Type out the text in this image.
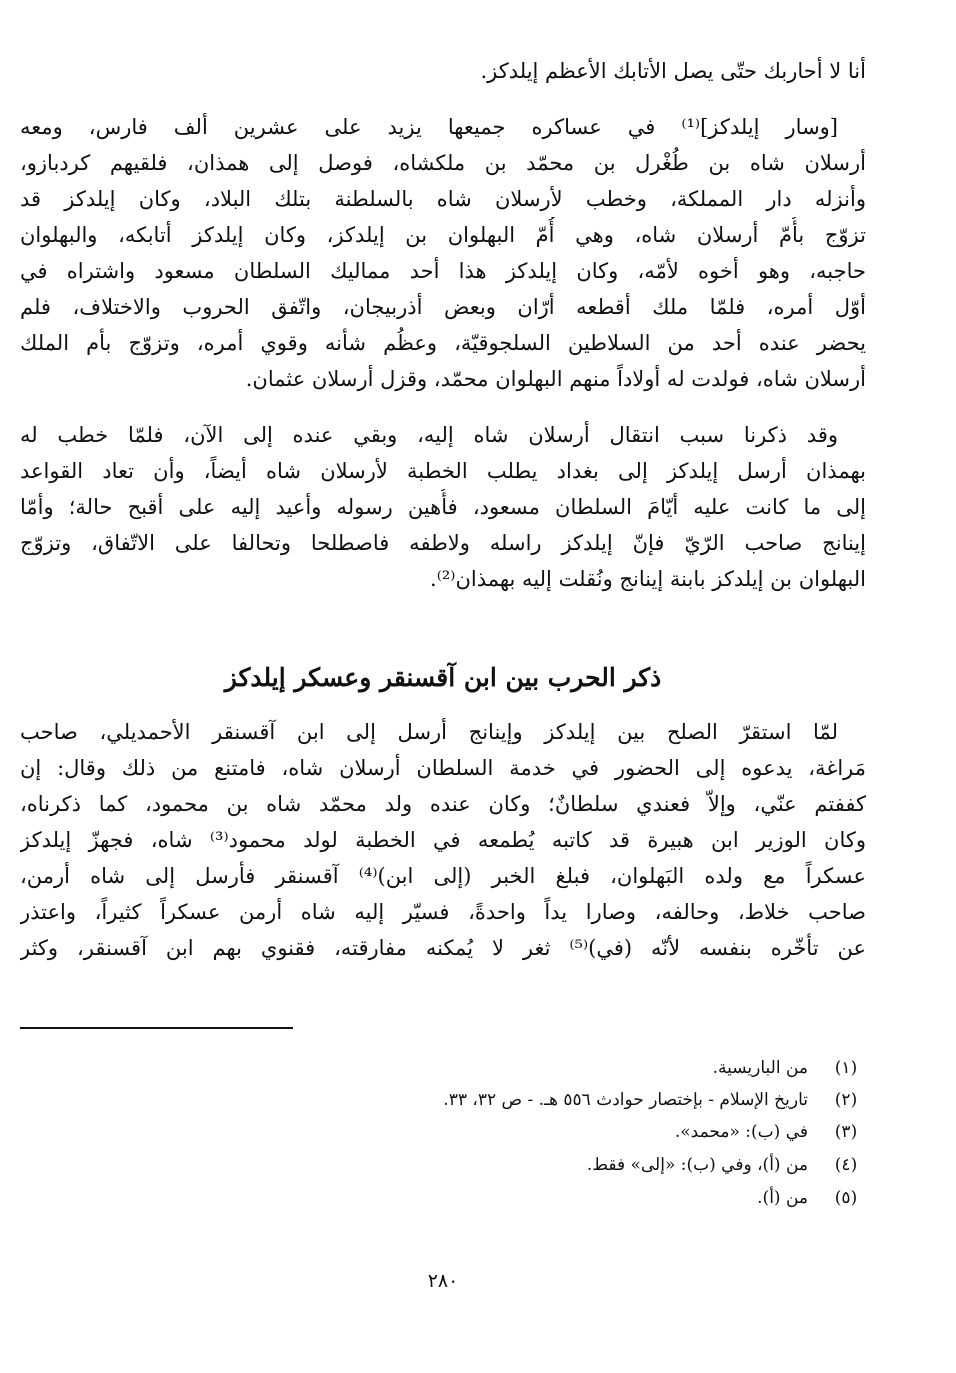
أنا لا أحاربك حتّى يصل الأتابك الأعظم إيلدكز.
[وسار إيلدكز]⁽¹⁾ في عساكره جميعها يزيد على عشرين ألف فارس، ومعه
أرسلان شاه بن طُغْرل بن محمّد بن ملكشاه، فوصل إلى همذان، فلقيهم كردبازو،
وأنزله دار المملكة، وخطب لأرسلان شاه بالسلطنة بتلك البلاد، وكان إيلدكز قد
تزوّج بأُمّ أرسلان شاه، وهي أُمّ البهلوان بن إيلدكز، وكان إيلدكز أتابكه، والبهلوان
حاجبه، وهو أخوه لأمّه، وكان إيلدكز هذا أحد مماليك السلطان مسعود واشتراه في
أوّل أمره، فلمّا ملك أقطعه أرّان وبعض أذربيجان، واتّفق الحروب والاختلاف، فلم
يحضر عنده أحد من السلاطين السلجوقيّة، وعظُم شأنه وقوي أمره، وتزوّج بأم الملك
أرسلان شاه، فولدت له أولاداً منهم البهلوان محمّد، وقزل أرسلان عثمان.
وقد ذكرنا سبب انتقال أرسلان شاه إليه، وبقي عنده إلى الآن، فلمّا خطب له
بهمذان أرسل إيلدكز إلى بغداد يطلب الخطبة لأرسلان شاه أيضاً، وأن تعاد القواعد
إلى ما كانت عليه أيّامَ السلطان مسعود، فأُهين رسوله وأعيد إليه على أقبح حالة؛ وأمّا
إينانج صاحب الرّيّ فإنّ إيلدكز راسله ولاطفه فاصطلحا وتحالفا على الاتّفاق، وتزوّج
البهلوان بن إيلدكز بابنة إينانج ونُقلت إليه بهمذان⁽²⁾.
ذكر الحرب بين ابن آقسنقر وعسكر إيلدكز
لمّا استقرّ الصلح بين إيلدكز وإينانج أرسل إلى ابن آقسنقر الأحمديلي، صاحب
مَراغة، يدعوه إلى الحضور في خدمة السلطان أرسلان شاه، فامتنع من ذلك وقال: إن
كففتم عنّي، وإلاّ فعندي سلطانٌ؛ وكان عنده ولد محمّد شاه بن محمود، كما ذكرناه،
وكان الوزير ابن هبيرة قد كاتبه يُطمعه في الخطبة لولد محمود⁽³⁾ شاه، فجهزّ إيلدكز
عسكراً مع ولده البَهلوان، فبلغ الخبر (إلى ابن)⁽⁴⁾ آقسنقر فأرسل إلى شاه أرمن،
صاحب خلاط، وحالفه، وصارا يداً واحدةً، فسيّر إليه شاه أرمن عسكراً كثيراً، واعتذر
عن تأخّره بنفسه لأنّه (في)⁽⁵⁾ ثغر لا يُمكنه مفارقته، فقنوي بهم ابن آقسنقر، وكثر
(١)من الباريسية.
(٢)تاريخ الإسلام - بإختصار حوادث ٥٥٦ هـ. - ص ٣٢، ٣٣.
(٣)في (ب): «محمد».
(٤)من (أ)، وفي (ب): «إلى» فقط.
(٥)من (أ).
٢٨٠
